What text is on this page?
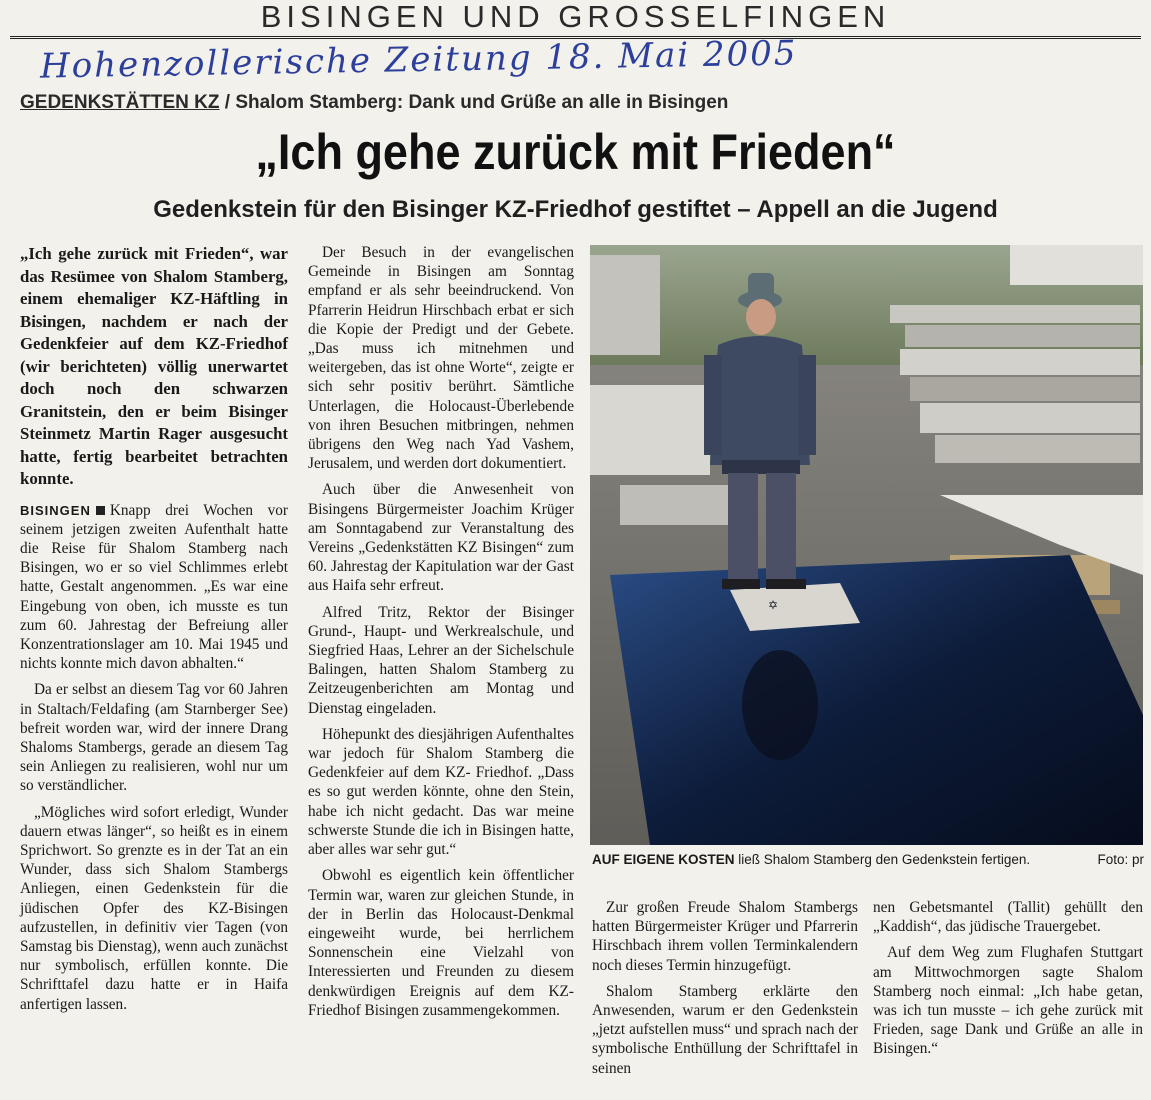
BISINGEN UND GROSSELFINGEN
Hohenzollerische Zeitung 18. Mai 2005
GEDENKSTÄTTEN KZ / Shalom Stamberg: Dank und Grüße an alle in Bisingen
„Ich gehe zurück mit Frieden“
Gedenkstein für den Bisinger KZ-Friedhof gestiftet – Appell an die Jugend

„Ich gehe zurück mit Frieden“, war das Resümee von Shalom Stamberg, einem ehemaliger KZ-Häftling in Bisingen, nachdem er nach der Gedenkfeier auf dem KZ-Friedhof (wir berichteten) völlig unerwartet doch noch den schwarzen Granitstein, den er beim Bisinger Steinmetz Martin Rager ausgesucht hatte, fertig bearbeitet betrachten konnte.

BISINGEN Knapp drei Wochen vor seinem jetzigen zweiten Aufenthalt hatte die Reise für Shalom Stamberg nach Bisingen, wo er so viel Schlimmes erlebt hatte, Gestalt angenommen. „Es war eine Eingebung von oben, ich musste es tun zum 60. Jahrestag der Befreiung aller Konzentrationslager am 10. Mai 1945 und nichts konnte mich davon abhalten.“

Da er selbst an diesem Tag vor 60 Jahren in Staltach/Feldafing (am Starnberger See) befreit worden war, wird der innere Drang Shaloms Stambergs, gerade an diesem Tag sein Anliegen zu realisieren, wohl nur um so verständlicher.

„Mögliches wird sofort erledigt, Wunder dauern etwas länger“, so heißt es in einem Sprichwort. So grenzte es in der Tat an ein Wunder, dass sich Shalom Stambergs Anliegen, einen Gedenkstein für die jüdischen Opfer des KZ-Bisingen aufzustellen, in definitiv vier Tagen (von Samstag bis Dienstag), wenn auch zunächst nur symbolisch, erfüllen konnte. Die Schrifttafel dazu hatte er in Haifa anfertigen lassen.

Der Besuch in der evangelischen Gemeinde in Bisingen am Sonntag empfand er als sehr beeindruckend. Von Pfarrerin Heidrun Hirschbach erbat er sich die Kopie der Predigt und der Gebete. „Das muss ich mitnehmen und weitergeben, das ist ohne Worte“, zeigte er sich sehr positiv berührt. Sämtliche Unterlagen, die Holocaust-Überlebende von ihren Besuchen mitbringen, nehmen übrigens den Weg nach Yad Vashem, Jerusalem, und werden dort dokumentiert.

Auch über die Anwesenheit von Bisingens Bürgermeister Joachim Krüger am Sonntagabend zur Veranstaltung des Vereins „Gedenkstätten KZ Bisingen“ zum 60. Jahrestag der Kapitulation war der Gast aus Haifa sehr erfreut.

Alfred Tritz, Rektor der Bisinger Grund-, Haupt- und Werkrealschule, und Siegfried Haas, Lehrer an der Sichelschule Balingen, hatten Shalom Stamberg zu Zeitzeugenberichten am Montag und Dienstag eingeladen.

Höhepunkt des diesjährigen Aufenthaltes war jedoch für Shalom Stamberg die Gedenkfeier auf dem KZ- Friedhof. „Dass es so gut werden könnte, ohne den Stein, habe ich nicht gedacht. Das war meine schwerste Stunde die ich in Bisingen hatte, aber alles war sehr gut.“

Obwohl es eigentlich kein öffentlicher Termin war, waren zur gleichen Stunde, in der in Berlin das Holocaust-Denkmal eingeweiht wurde, bei herrlichem Sonnenschein eine Vielzahl von Interessierten und Freunden zu diesem denkwürdigen Ereignis auf dem KZ-Friedhof Bisingen zusammengekommen.

✡
AUF EIGENE KOSTEN ließ Shalom Stamberg den Gedenkstein fertigen.	Foto: pr

Zur großen Freude Shalom Stambergs hatten Bürgermeister Krüger und Pfarrerin Hirschbach ihrem vollen Terminkalendern noch dieses Termin hinzugefügt.

Shalom Stamberg erklärte den Anwesenden, warum er den Gedenkstein „jetzt aufstellen muss“ und sprach nach der symbolische Enthüllung der Schrifttafel in seinen

nen Gebetsmantel (Tallit) gehüllt den „Kaddish“, das jüdische Trauergebet.

Auf dem Weg zum Flughafen Stuttgart am Mittwochmorgen sagte Shalom Stamberg noch einmal: „Ich habe getan, was ich tun musste – ich gehe zurück mit Frieden, sage Dank und Grüße an alle in Bisingen.“
